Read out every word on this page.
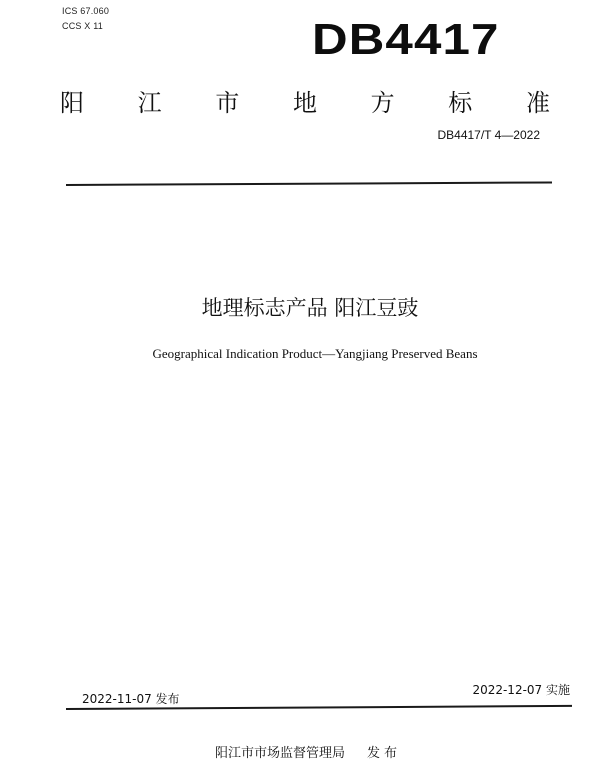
ICS 67.060
CCS X 11	DB4417
阳 江 市 地 方 标 准
DB4417/T 4—2022
地理标志产品 阳江豆豉
Geographical Indication Product—Yangjiang Preserved Beans
2022-11-07 发布
2022-12-07 实施
阳江市市场监督管理局 发布
